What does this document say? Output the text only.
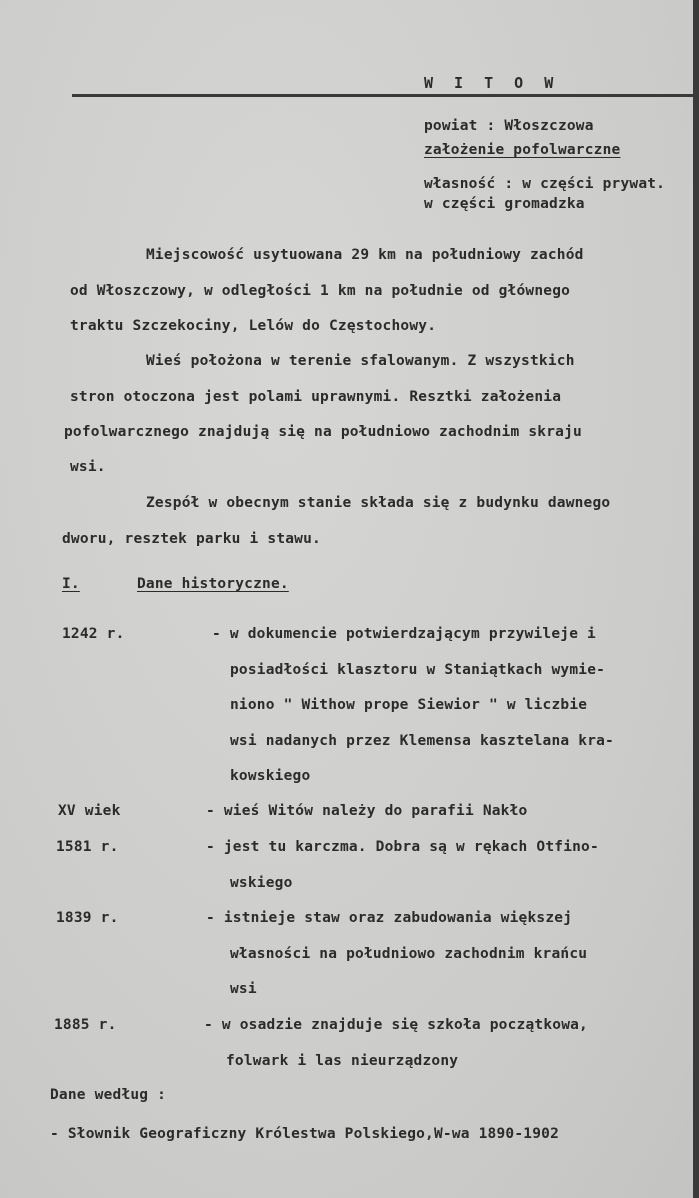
W I T O W
powiat : Włoszczowa
założenie pofolwarczne
własność : w części prywat.
w części gromadzka
Miejscowość usytuowana 29 km na południowy zachód
od Włoszczowy, w odległości 1 km na południe od głównego
traktu Szczekociny, Lelów do Częstochowy.
Wieś położona w terenie sfalowanym. Z wszystkich
stron otoczona jest polami uprawnymi. Resztki założenia
pofolwarcznego znajdują się na południowo zachodnim skraju
wsi.
Zespół w obecnym stanie składa się z budynku dawnego
dworu, resztek parku i stawu.
I.	Dane historyczne.
1242 r.	- w dokumencie potwierdzającym przywileje i
posiadłości klasztoru w Staniątkach wymie-
niono " Withow prope Siewior " w liczbie
wsi nadanych przez Klemensa kasztelana kra-
kowskiego
XV wiek	- wieś Witów należy do parafii Nakło
1581 r.	- jest tu karczma. Dobra są w rękach Otfino-
wskiego
1839 r.	- istnieje staw oraz zabudowania większej
własności na południowo zachodnim krańcu
wsi
1885 r.	- w osadzie znajduje się szkoła początkowa,
folwark i las nieurządzony
Dane według :
- Słownik Geograficzny Królestwa Polskiego,W-wa 1890-1902
